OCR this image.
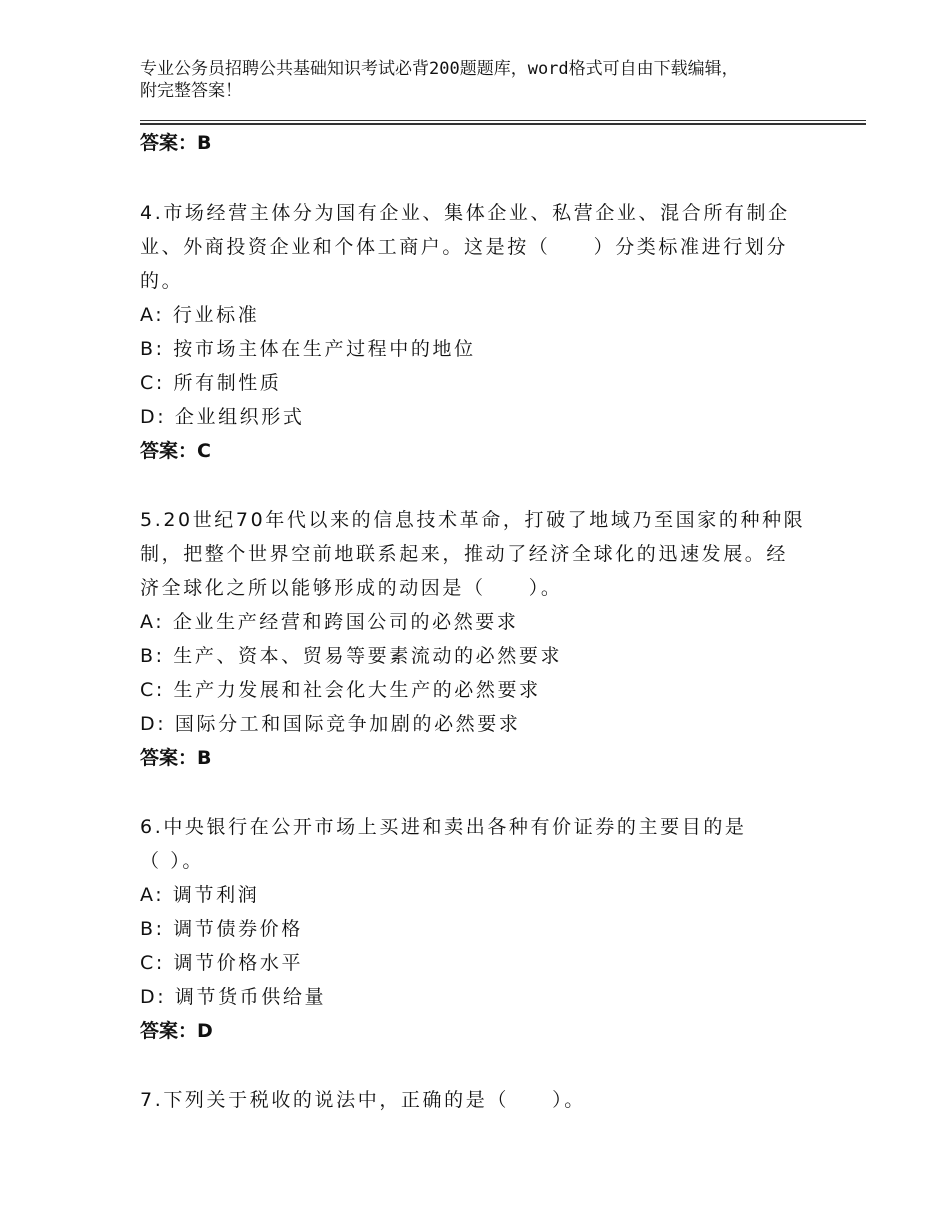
专业公务员招聘公共基础知识考试必背200题题库，word格式可自由下载编辑，
附完整答案！
答案：B
4.市场经营主体分为国有企业、集体企业、私营企业、混合所有制企
业、外商投资企业和个体工商户。这是按（　　）分类标准进行划分
的。
A: 行业标准
B: 按市场主体在生产过程中的地位
C: 所有制性质
D: 企业组织形式
答案：C
5.20世纪70年代以来的信息技术革命，打破了地域乃至国家的种种限
制，把整个世界空前地联系起来，推动了经济全球化的迅速发展。经
济全球化之所以能够形成的动因是（　　）。
A: 企业生产经营和跨国公司的必然要求
B: 生产、资本、贸易等要素流动的必然要求
C: 生产力发展和社会化大生产的必然要求
D: 国际分工和国际竞争加剧的必然要求
答案：B
6.中央银行在公开市场上买进和卖出各种有价证券的主要目的是
（ ）。
A: 调节利润
B: 调节债券价格
C: 调节价格水平
D: 调节货币供给量
答案：D
7.下列关于税收的说法中，正确的是（　　）。
